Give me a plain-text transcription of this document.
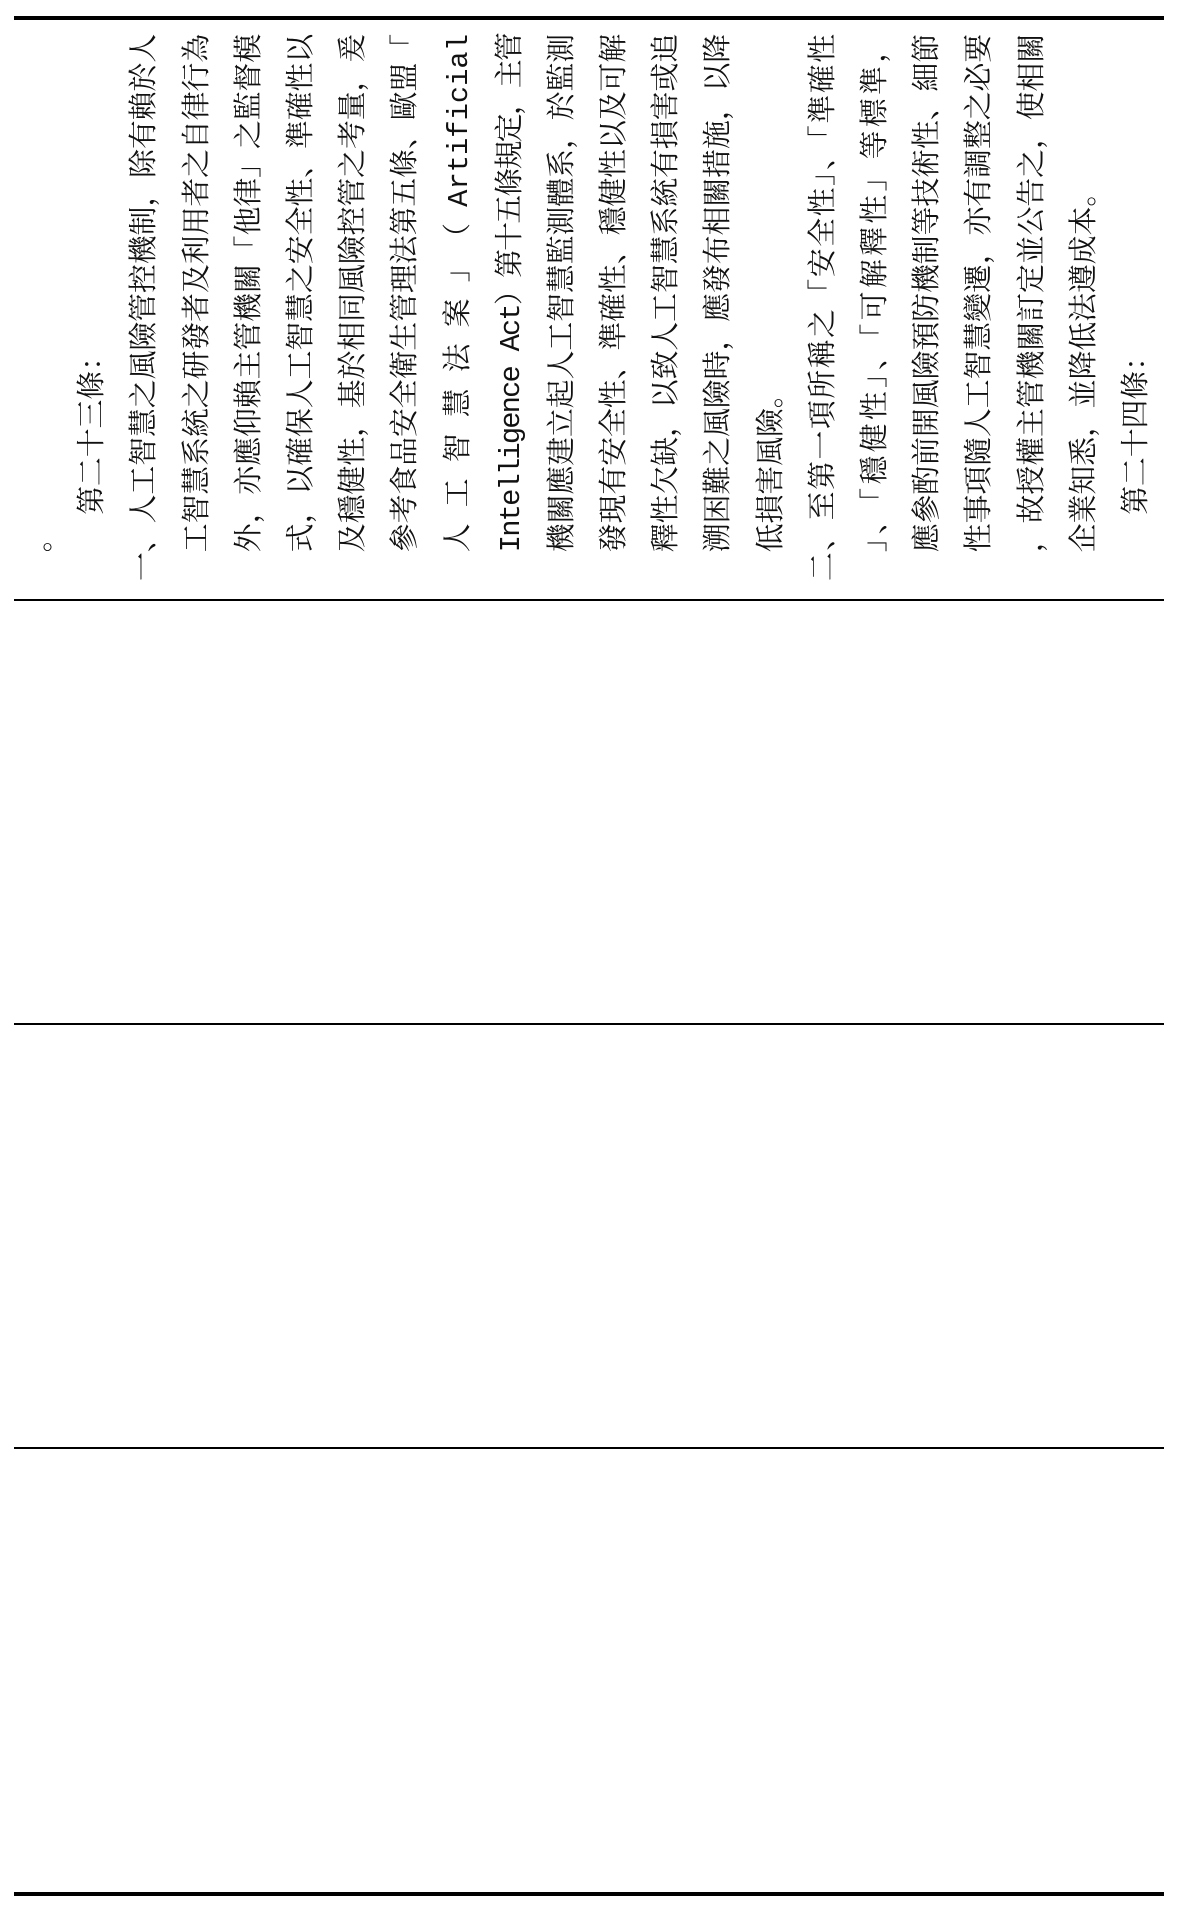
。
第二十三條： 一、人工智慧之風險管控機制，除有賴於人 工智慧系統之研發者及利用者之自律行為 外，亦應仰賴主管機關「他律」之監督模 式，以確保人工智慧之安全性、準確性以 及穩健性，基於相同風險控管之考量，爰 參考食品安全衛生管理法第五條、歐盟「 人工智慧法案」（Artificial Intelligence Act）第十五條規定，主管 機關應建立起人工智慧監測體系，於監測 發現有安全性、準確性、穩健性以及可解 釋性欠缺，以致人工智慧系統有損害或追 溯困難之風險時，應發布相關措施，以降 低損害風險。 二、至第一項所稱之「安全性」、「準確性 」、「穩健性」、「可解釋性」等標準， 應參酌前開風險預防機制等技術性、細節 性事項隨人工智慧變遷，亦有調整之必要 ，故授權主管機關訂定並公告之，使相關 企業知悉，並降低法遵成本。 第二十四條：
